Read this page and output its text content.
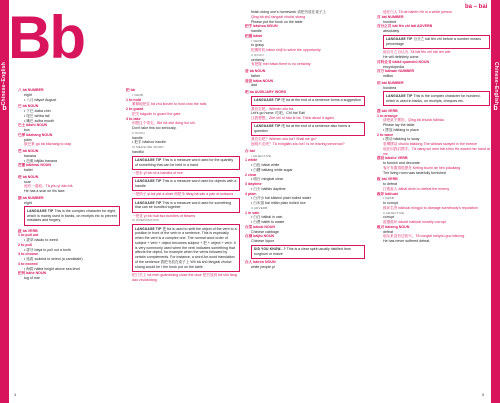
Chinese–English
b
Chinese–English
b
Bb	ba – bai
4	5
八 bā NUMBER
eight
• 八月 bāyuè August
巴 bā NOUN
• 下巴 xiàba chin
• 尾巴 wěiba tail
• 嘴巴 zuǐba mouth
巴士 bāshì NOUN
bus
巴掌 bāzhang NOUN
palm
鼓巴掌 gǔ bā bāzhang to clap
芭 bā NOUN
banana
• 芭蕉 bājiāo banana
芭蕾 bāléiwǔ NOUN
ballet
疤 bā NOUN
scar
他有一道疤。Tā yǒu yī dào bā.
He has a scar on his face.
捌 bā NUMBER
eight
LANGUAGE TIP This is the complex character for eight, which is mainly used in banks, on receipts etc to prevent mistakes and forgery.
拔 bá VERB
1 to pull out
• 拔草 bácǎo to weed
2 to pull
• 拔牙 báyá to pull out a tooth
3 to choose
• 选拔 xuǎnbá to select (a candidate)
4 to exceed
• 海拔 hǎibá height above sea level
把河 bǎhé NOUN
tug of war
把 bǎ
I VERB
1 to hold
紧紧地把住 bǎ zhù liúnzhǐ to hold onto the rails
2 to guard
把关 bǎguān to guard the gate
3 to take
别把这个带走。Bié bǎ zhè dōng huí shí.
Don't take this too seriously.
II NOUN
handle
• 把手 bǎshou handle
III MEASURE WORD
handful
LANGUAGE TIP This is a measure word used for the quantity of something that can be held in a hand
一把米 yī bǎ mǐ a handful of rice
LANGUAGE TIP This is a measure word used for objects with a handle
一把椅子 yì bǎ yǐzi a chair 两把伞 liǎng bǎ sǎn a pair of scissors
LANGUAGE TIP This is a measure word used for something that can be bundled together
一把花 yì bǎ huā two bundles of flowers
IV PREPOSITION
LANGUAGE TIP 把 bǎ is used to shift the object of the verb to a position in front of the verb in a sentence. This is especially when the verb is a complex one. The normal word order of subject + verb + object becomes subject + 把 + object + verb. It is very commonly used when the verb indicates something that affects the object, for example when the verbs followed by certain complements. For instance, a word-for-word translation of the sentence 我把书放在桌子上 Wǒ bǎ shū fàngzài zhuōzi shang would be I the book put on the table.
把门关上 bǎ mén guānshàng close the door 把书放到 bǎ shū fàng dào zhuōshang
finish doing one's homework 请把书放在桌子上
Qǐng bǎ shū fàngzài zhuōzi shang
Please put the book on the table
把手 bǎshou NOUN
handle
把握 bǎwò
I VERB
to grasp
把握时机 bǎwò shíjī to seize the opportunity
II NOUN
certainty
有把握 méi bǎwò there is no certainty
爸 bà NOUN
father
爸爸 bàba NOUN
dad
吧 ba AUXILIARY WORD
LANGUAGE TIP 吧 ba at the end of a sentence forms a suggestion
我们走吧。Wǒmen zǒu ba.
Let's go home. 吃吧。Chī ba! Eat!
让我想想。Zhè shì nǐ hǎo le ba. Think about it again
LANGUAGE TIP 吧 ba at the end of a sentence also forms a question
我们走吧？Wǒmen zǒu ba? Shall we go?
他明天走吧？Tā míngtiān zǒu ba? Is he leaving tomorrow?
白 bái
I ADJECTIVE
1 white
• 白色 báisè white
• 白糖 báitáng white sugar
2 clear
• 明白 míngbai clear
3 daytime
• 白天 báitiān daytime
4 plain
• 白开水 bái kāishuǐ plain boiled water
• 白米饭 bái mǐfàn plain boiled rice
II ADVERB
1 in vain
• 白白 báibái in vain
• 白费 báifèi to waste
白菜 báicài NOUN
Chinese cabbage
白酒 báijiǔ NOUN
Chinese liquor
DID YOU KNOW...? This is a clear spirit usually distilled from sorghum or maize
白人 báirén NOUN
white people pl
他在白人 Tā de báirén He is a white person
百 bǎi NUMBER
hundred
百分之百 bǎi fēn zhī bǎi ADVERB
absolutely
LANGUAGE TIP 百分之 bǎi fēn zhī before a number means percentage
他百分之百认为. Tā bǎi fēn zhī bǎi rèn wéi.
He will definitely come
百科全书 bǎikē quánshū NOUN
encyclopedia
百万 bǎiwàn NUMBER
million
佰 bǎi NUMBER
hundred
LANGUAGE TIP This is the complex character for hundred, which is used in banks, on receipts, cheques etc.
摆 bǎi VERB
1 to arrange
请把桌子摆好。Qǐng bǎ zhuōzi bǎihǎo.
Please lay the table
• 摆放 bǎifàng to place
2 to wave
• 摆动 bǎidòng to sway
垂柳摆动 chuíliǔ bǎidòng The willows swayed in the breeze
他在向我们摆手。Tā xiàng wǒ men bǎi shǒu He waved her hand at me
摆设 bǎishe VERB
to furnish and decorate
客厅布置得很漂亮 Kètīng bùzhì de hěn piàoliang
The living room was tastefully furnished
败 bài VERB
to defeat
打败敌人 dǎbài dírén to defeat the enemy
败坏 bàihuài
I VERB
to corrupt
败坏名誉 bàihuài míngyù to damage somebody's reputation
II ADJECTIVE
corrupt
道德败坏 dàodé bàihuài morally corrupt
败兴 bàixìng NOUN
defeat
他从来没有过败兴。Tā cónglái méiyǒu guo bàixìng.
He has never suffered defeat.
